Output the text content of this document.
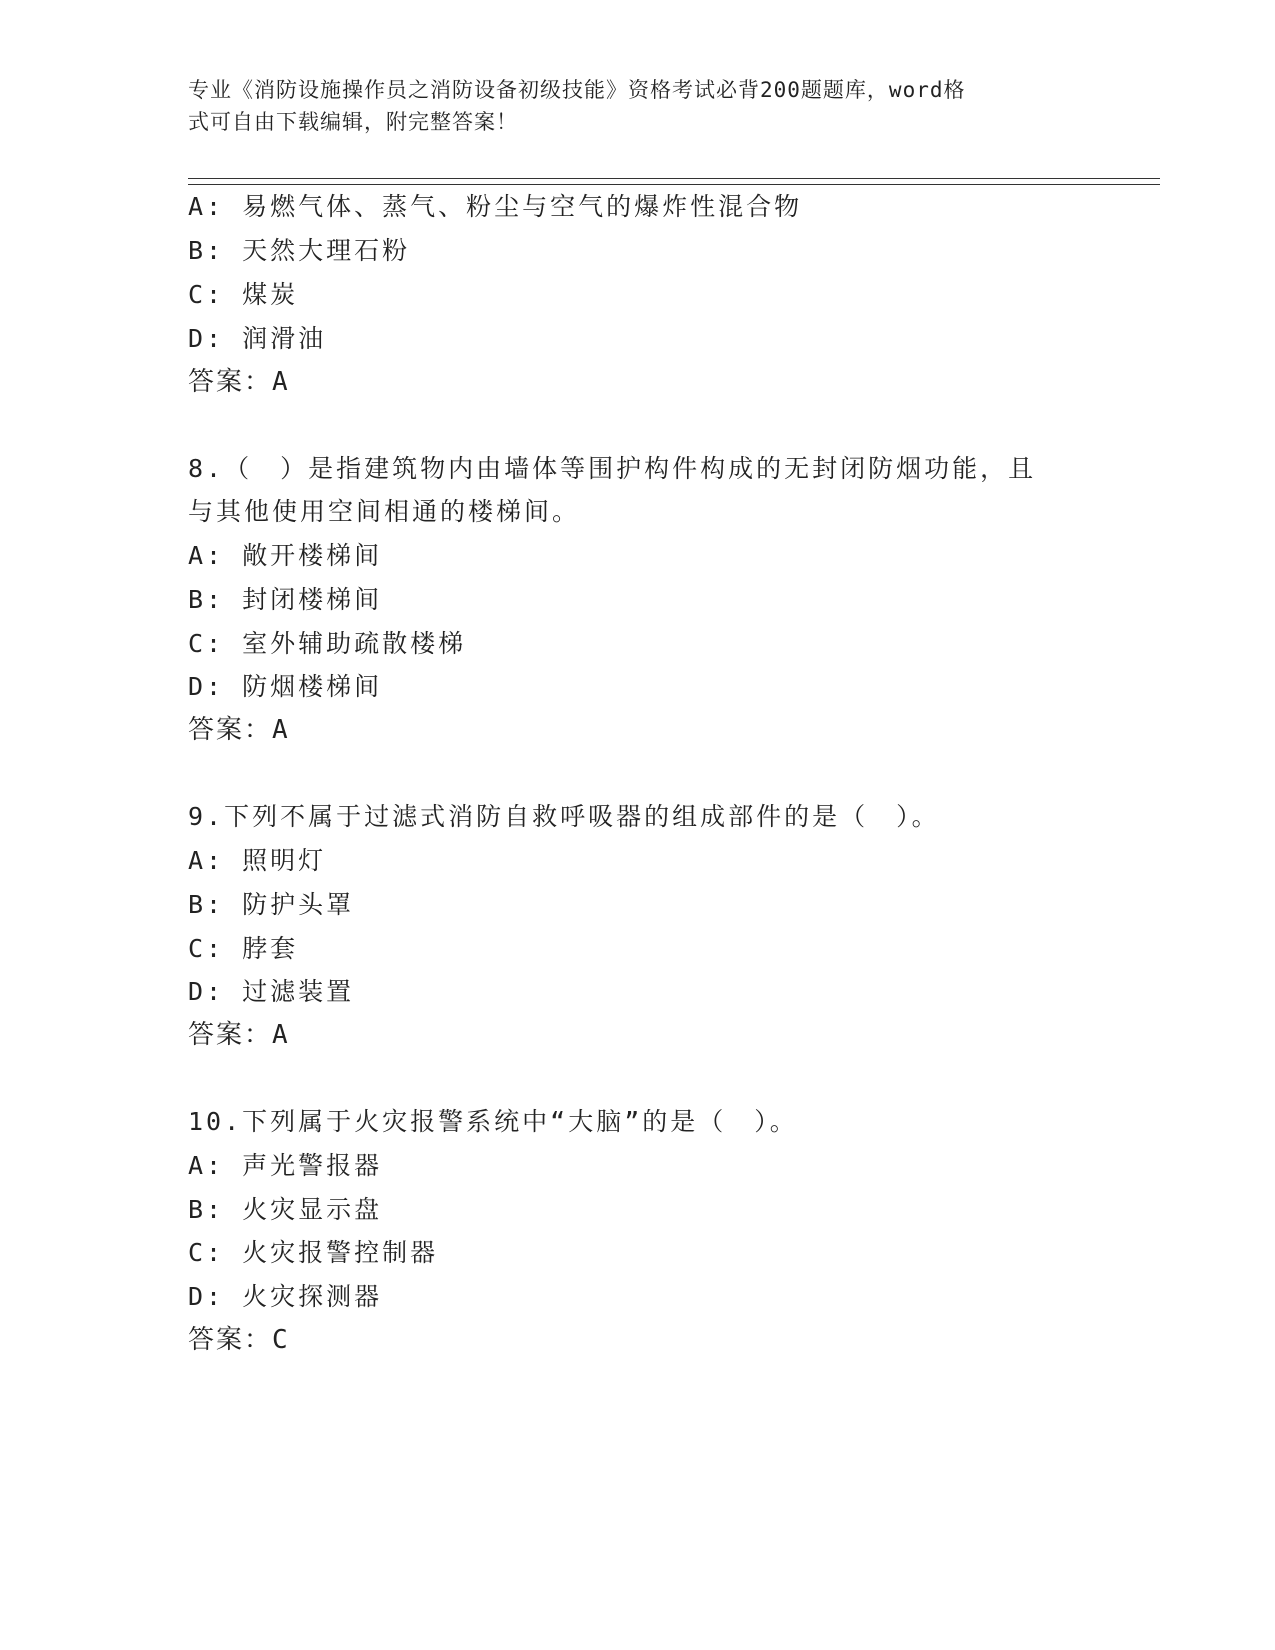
专业《消防设施操作员之消防设备初级技能》资格考试必背200题题库，word格
式可自由下载编辑，附完整答案！
A: 易燃气体、蒸气、粉尘与空气的爆炸性混合物
B: 天然大理石粉
C: 煤炭
D: 润滑油
答案：A
8.（　）是指建筑物内由墙体等围护构件构成的无封闭防烟功能，且
与其他使用空间相通的楼梯间。
A: 敞开楼梯间
B: 封闭楼梯间
C: 室外辅助疏散楼梯
D: 防烟楼梯间
答案：A
9.下列不属于过滤式消防自救呼吸器的组成部件的是（　）。
A: 照明灯
B: 防护头罩
C: 脖套
D: 过滤装置
答案：A
10.下列属于火灾报警系统中“大脑”的是（　）。
A: 声光警报器
B: 火灾显示盘
C: 火灾报警控制器
D: 火灾探测器
答案：C
